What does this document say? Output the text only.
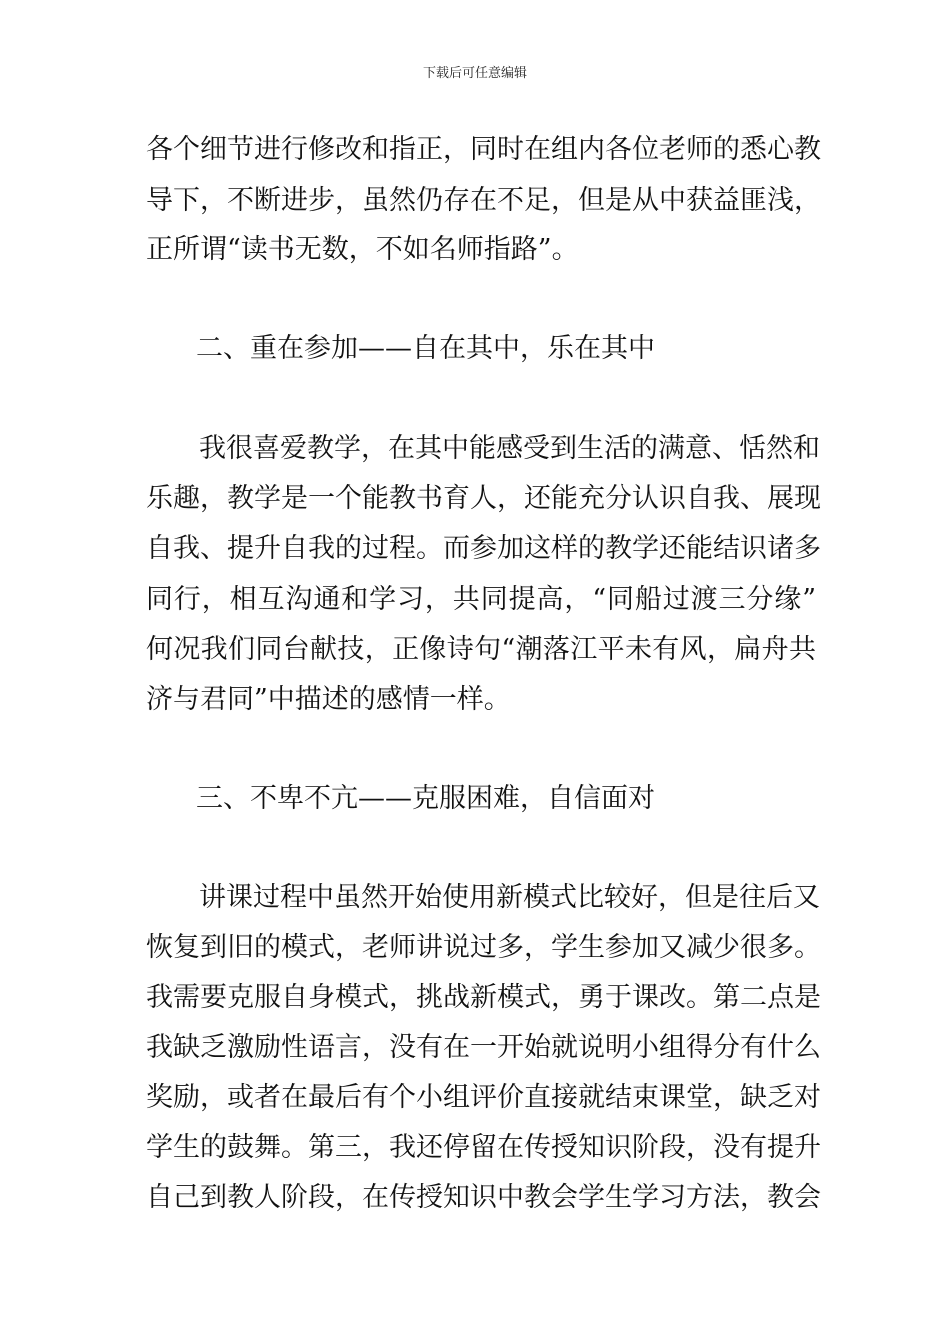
下载后可任意编辑
各个细节进行修改和指正，同时在组内各位老师的悉心教
导下，不断进步，虽然仍存在不足，但是从中获益匪浅，
正所谓“读书无数，不如名师指路”。
二、重在参加——自在其中，乐在其中
我很喜爱教学，在其中能感受到生活的满意、恬然和
乐趣，教学是一个能教书育人，还能充分认识自我、展现
自我、提升自我的过程。而参加这样的教学还能结识诸多
同行，相互沟通和学习，共同提高，“同船过渡三分缘”
何况我们同台献技，正像诗句“潮落江平未有风，扁舟共
济与君同”中描述的感情一样。
三、不卑不亢——克服困难，自信面对
讲课过程中虽然开始使用新模式比较好，但是往后又
恢复到旧的模式，老师讲说过多，学生参加又减少很多。
我需要克服自身模式，挑战新模式，勇于课改。第二点是
我缺乏激励性语言，没有在一开始就说明小组得分有什么
奖励，或者在最后有个小组评价直接就结束课堂，缺乏对
学生的鼓舞。第三，我还停留在传授知识阶段，没有提升
自己到教人阶段，在传授知识中教会学生学习方法，教会
